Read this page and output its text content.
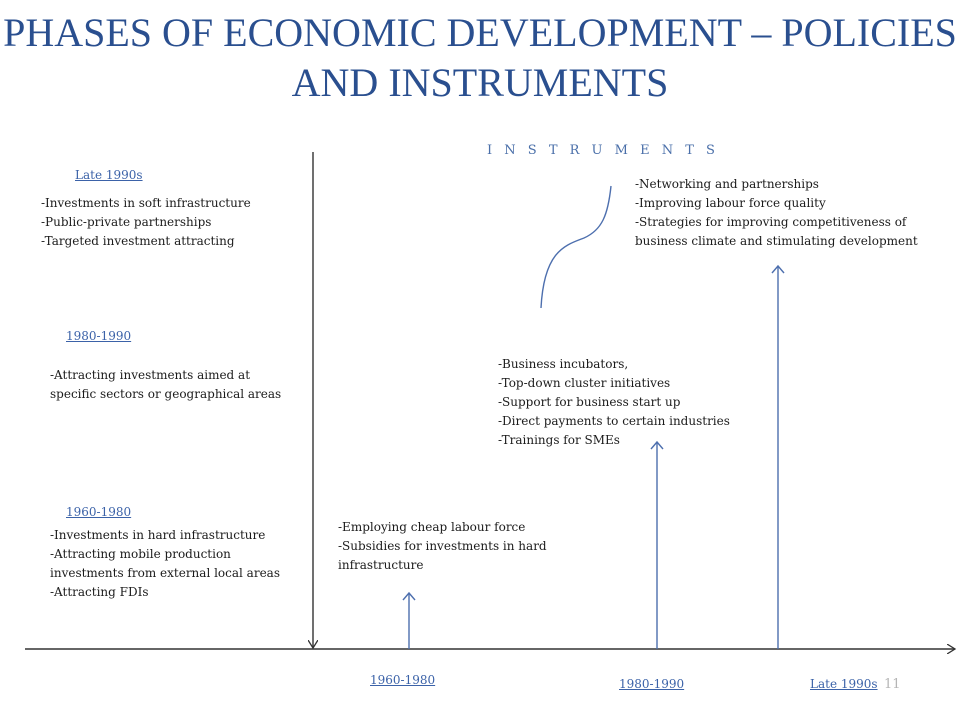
PHASES OF ECONOMIC DEVELOPMENT – POLICIES
AND INSTRUMENTS
I N S T R U M E N T S
Late 1990s
-Investments in soft infrastructure
-Public-private partnerships
-Targeted investment attracting
1980-1990
-Attracting investments aimed at
specific sectors or geographical areas
1960-1980
-Investments in hard infrastructure
-Attracting mobile production
investments from external local areas
-Attracting FDIs
-Employing cheap labour force
-Subsidies for investments in hard
infrastructure
-Business incubators,
-Top-down cluster initiatives
-Support for business start up
-Direct payments to certain industries
-Trainings for SMEs
-Networking and partnerships
-Improving labour force quality
-Strategies for improving competitiveness of
business climate and stimulating development
1960-1980	1980-1990	Late 1990s 11
